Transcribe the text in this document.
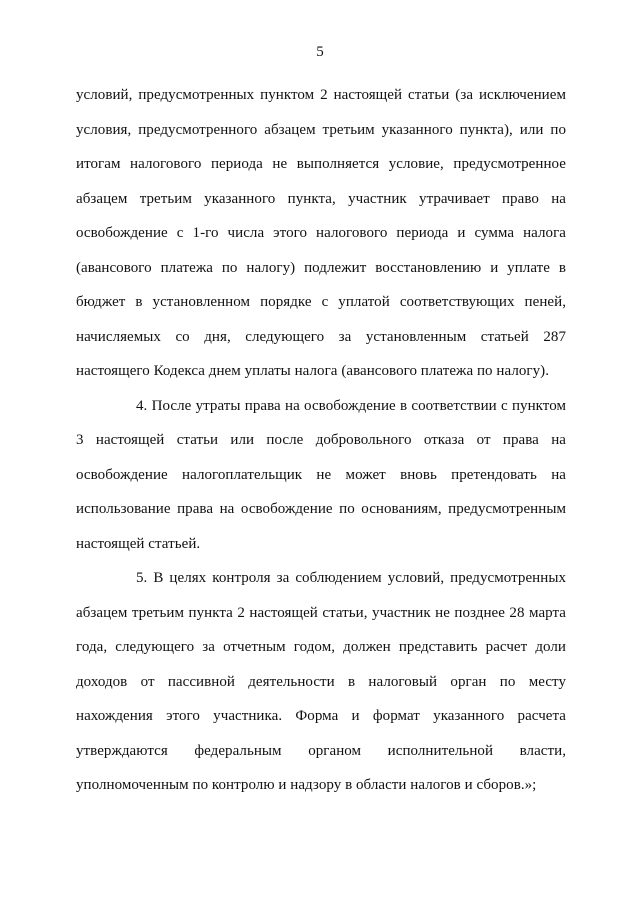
5

условий, предусмотренных пунктом 2 настоящей статьи (за исключением условия, предусмотренного абзацем третьим указанного пункта), или по итогам налогового периода не выполняется условие, предусмотренное абзацем третьим указанного пункта, участник утрачивает право на освобождение с 1-го числа этого налогового периода и сумма налога (авансового платежа по налогу) подлежит восстановлению и уплате в бюджет в установленном порядке с уплатой соответствующих пеней, начисляемых со дня, следующего за установленным статьей 287 настоящего Кодекса днем уплаты налога (авансового платежа по налогу).

4. После утраты права на освобождение в соответствии с пунктом 3 настоящей статьи или после добровольного отказа от права на освобождение налогоплательщик не может вновь претендовать на использование права на освобождение по основаниям, предусмотренным настоящей статьей.

5. В целях контроля за соблюдением условий, предусмотренных абзацем третьим пункта 2 настоящей статьи, участник не позднее 28 марта года, следующего за отчетным годом, должен представить расчет доли доходов от пассивной деятельности в налоговый орган по месту нахождения этого участника. Форма и формат указанного расчета утверждаются федеральным органом исполнительной власти, уполномоченным по контролю и надзору в области налогов и сборов.»;
